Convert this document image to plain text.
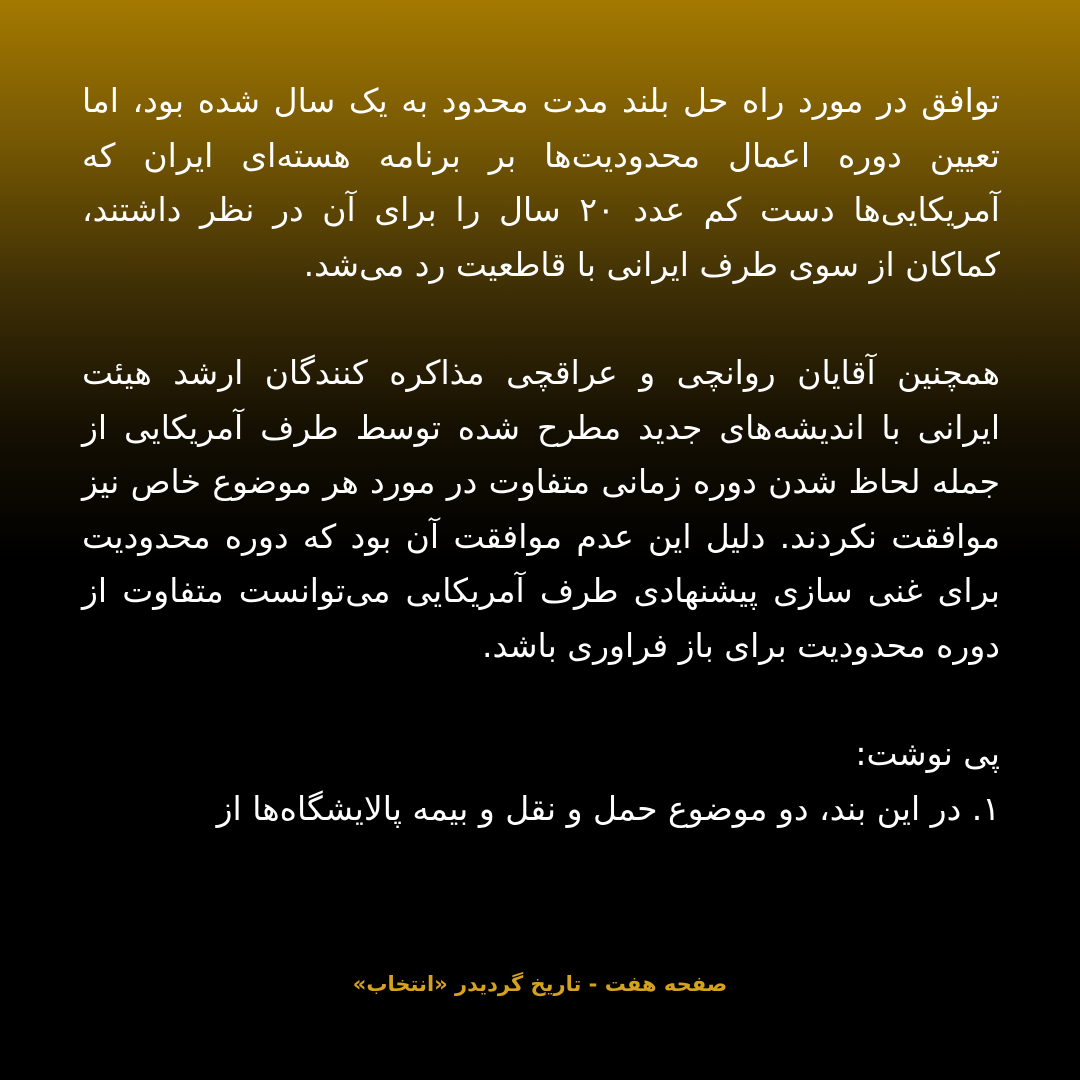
توافق در مورد راه حل بلند مدت محدود به یک سال شده بود، اما تعیین دوره اعمال محدودیت‌ها بر برنامه هسته‌ای ایران که آمریکایی‌ها دست کم عدد ۲۰ سال را برای آن در نظر داشتند، کماکان از سوی طرف ایرانی با قاطعیت رد می‌شد.

همچنین آقایان روانچی و عراقچی مذاکره کنندگان ارشد هیئت ایرانی با اندیشه‌های جدید مطرح شده توسط طرف آمریکایی از جمله لحاظ شدن دوره زمانی متفاوت در مورد هر موضوع خاص نیز موافقت نکردند. دلیل این عدم موافقت آن بود که دوره محدودیت برای غنی سازی پیشنهادی طرف آمریکایی می‌توانست متفاوت از دوره محدودیت برای باز فراوری باشد.

پی نوشت:

۱. در این بند، دو موضوع حمل و نقل و بیمه پالایشگاه‌ها از

صفحه هفت - تاریخ گردیدر «انتخاب»
